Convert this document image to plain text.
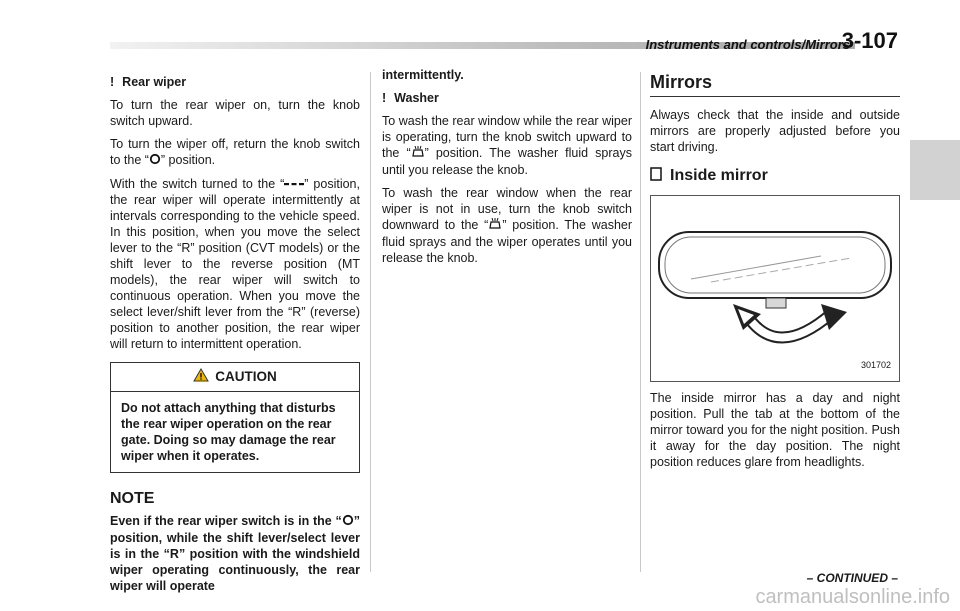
Instruments and controls/Mirrors
3-107

! Rear wiper

To turn the rear wiper on, turn the knob switch upward.

To turn the wiper off, return the knob switch to the “ ” position.

With the switch turned to the “ ” position, the rear wiper will operate intermittently at intervals corresponding to the vehicle speed. In this position, when you move the select lever to the “R” position (CVT models) or the shift lever to the reverse position (MT models), the rear wiper will switch to continuous operation. When you move the select lever/shift lever from the “R” (reverse) position to another position, the rear wiper will return to intermittent operation.

CAUTION
Do not attach anything that disturbs the rear wiper operation on the rear gate. Doing so may damage the rear wiper when it operates.
NOTE

Even if the rear wiper switch is in the “ ” position, while the shift lever/select lever is in the “R” position with the windshield wiper operating continuously, the rear wiper will operate

intermittently.

! Washer

To wash the rear window while the rear wiper is operating, turn the knob switch upward to the “ ” position. The washer fluid sprays until you release the knob.

To wash the rear window when the rear wiper is not in use, turn the knob switch downward to the “ ” position. The washer fluid sprays and the wiper operates until you release the knob.

Mirrors

Always check that the inside and outside mirrors are properly adjusted before you start driving.

Inside mirror
301702

The inside mirror has a day and night position. Pull the tab at the bottom of the mirror toward you for the night position. Push it away for the day position. The night position reduces glare from headlights.

– CONTINUED –
carmanualsonline.info
